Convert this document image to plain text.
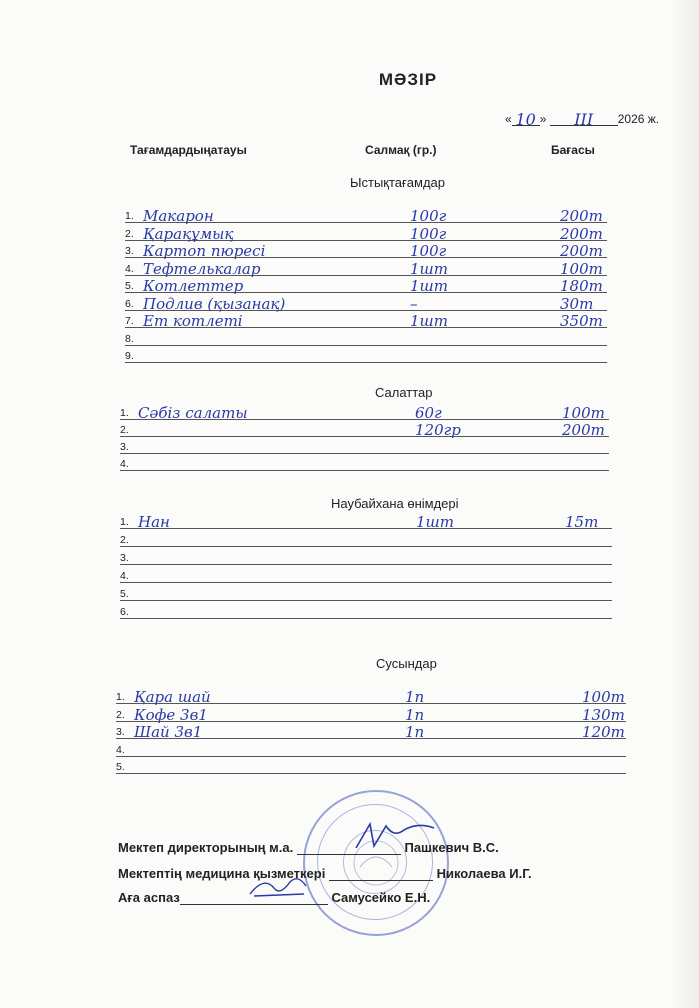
МӘЗІР
« 10 » III 2026 ж.
Тағамдардыңатауы	Салмақ (гр.)	Бағасы
Ыстықтағамдар
1. Макарон	100г	200т
2. Қарақұмық	100г	200т
3. Картоп пюресі	100г	200т
4. Тефтелькалар	1шт	100т
5. Котлеттер	1шт	180т
6. Подлив (қызанақ)	–	30т
7. Ет котлеті	1шт	350т
8.
9.
Салаттар
1. Сәбіз салаты	60г	100т
2.	120гр	200т
3.
4.
Наубайхана өнімдері
1. Нан	1шт	15т
2.
3.
4.
5.
6.
Сусындар
1. Қара шай	1п	100т
2. Кофе 3в1	1п	130т
3. Шай 3в1	1п	120т
4.
5.
Мектеп директорының м.а.	Пашкевич В.С.
Мектептің медицина қызметкері	Николаева И.Г.
Аға аспаз	Самусейко Е.Н.
